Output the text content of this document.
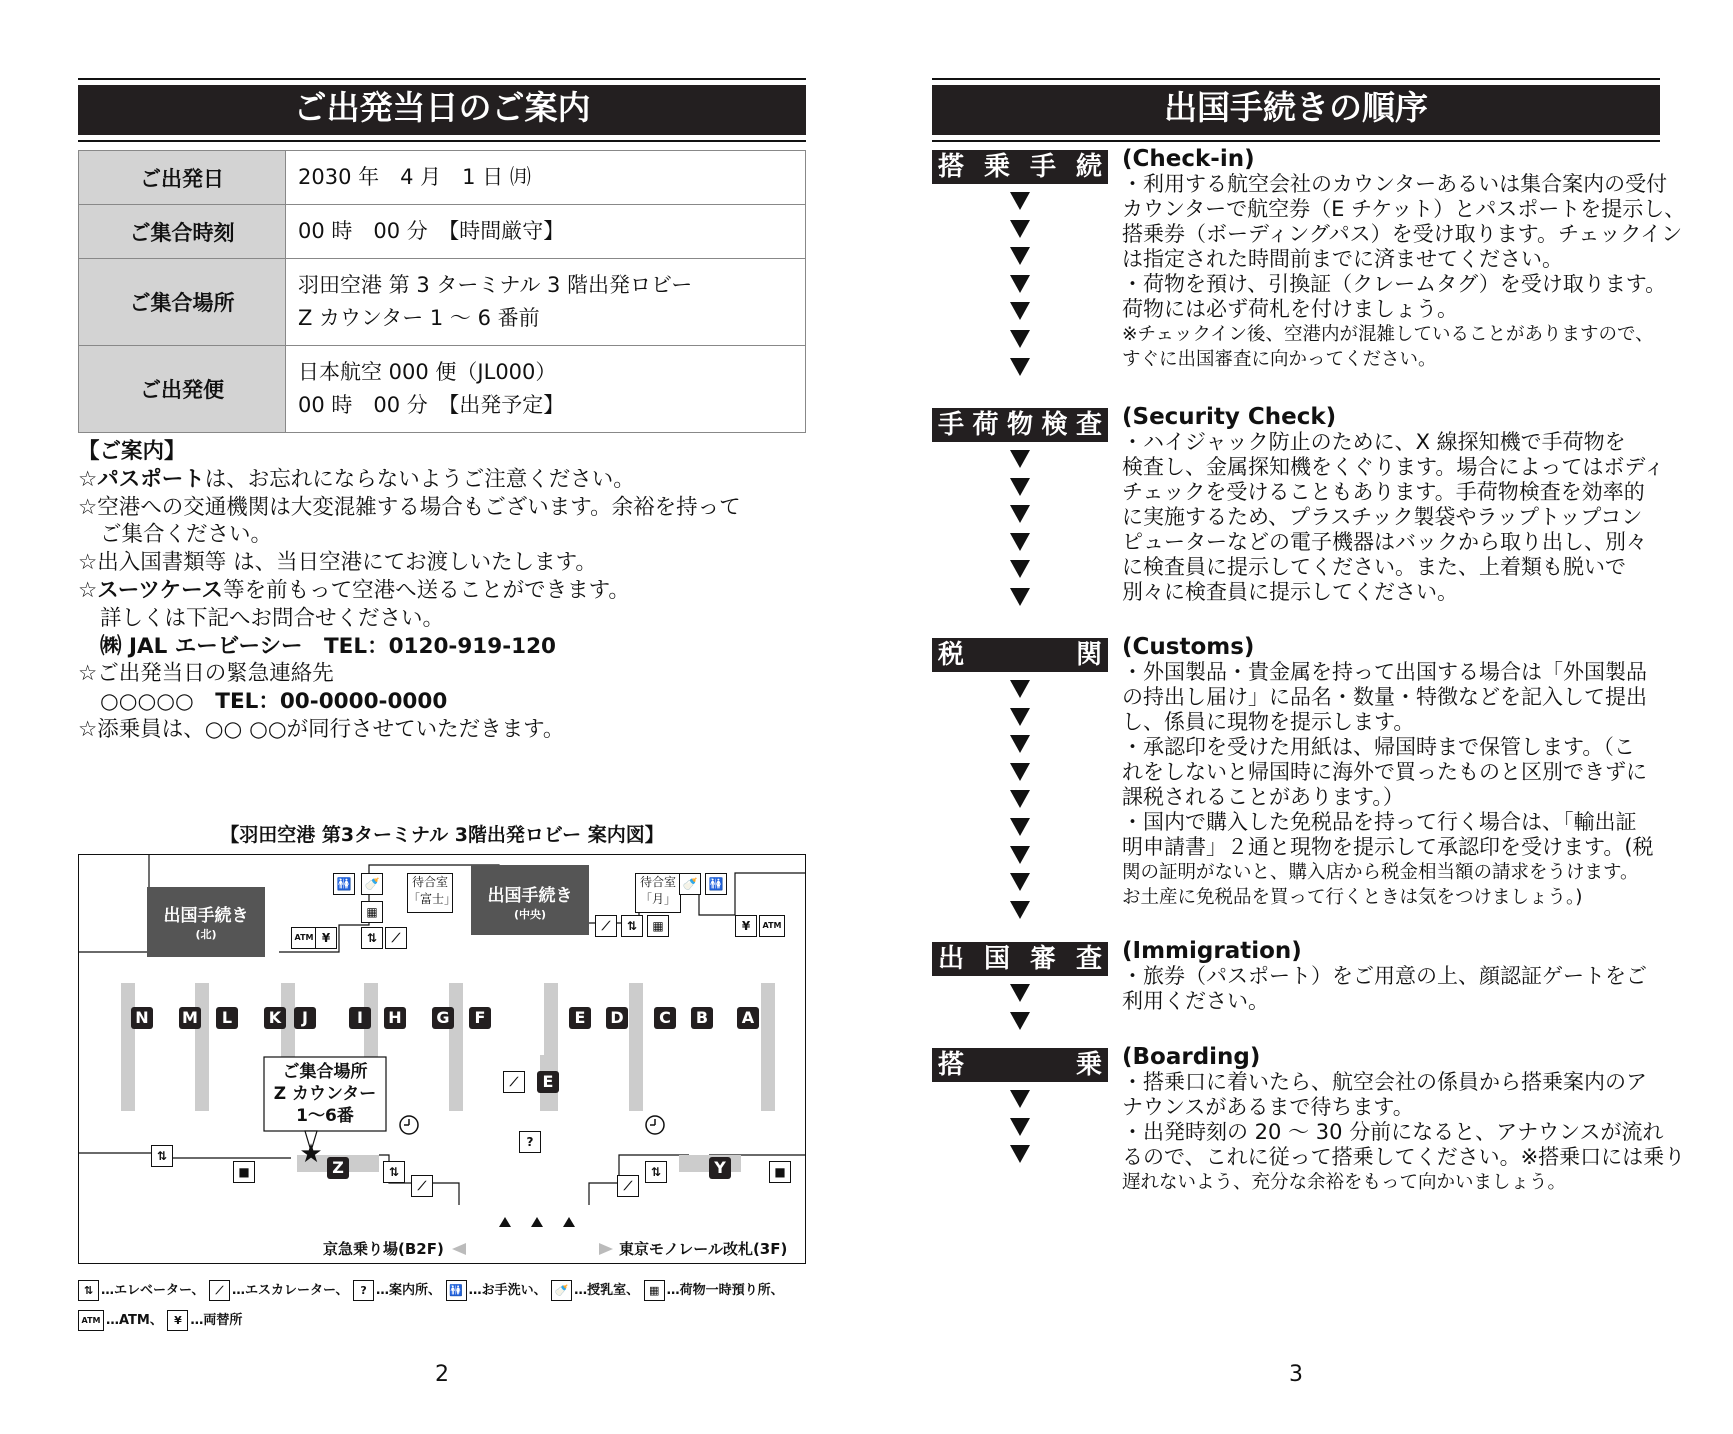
ご出発当日のご案内
ご出発日	2030 年　4 月　1 日 ㈪
ご集合時刻	00 時　00 分　【時間厳守】
ご集合場所	羽田空港 第 3 ターミナル 3 階出発ロビー
Z カウンター 1 ～ 6 番前

ご出発便	日本航空 000 便（JL000）
00 時　00 分　【出発予定】
【ご案内】
☆パスポートは、お忘れにならないようご注意ください。
☆空港への交通機関は大変混雑する場合もございます。余裕を持って
ご集合ください。
☆出入国書類等 は、当日空港にてお渡しいたします。
☆スーツケース等を前もって空港へ送ることができます。
詳しくは下記へお問合せください。
㈱ JAL エービーシー　TEL：0120-919-120
☆ご出発当日の緊急連絡先
○○○○○　TEL：00-0000-0000
☆添乗員は、○○ ○○が同行させていただきます。
【羽田空港 第3ターミナル 3階出発ロビー 案内図】
★
出国手続き
(北)
出国手続き
(中央)
待合室
「富士」
待合室
「月」
N M	L	K	J	I	H G	F	E	D	C	B	A
E
Z	Y
ご集合場所
Z カウンター
1～6番
🚻 🍼
▦
ATM ¥	⇅	⟋
🍼 🚻
⟋	⇅	▦	¥	ATM
⟋
?
⇅
■	⇅
⟋	⟋
⇅	■
京急乗り場(B2F)	東京モノレール改札(3F)
⇅ …エレベーター、 ⟋ …エスカレーター、 ? …案内所、 🚻 …お手洗い、 🍼 …授乳室、 ▦ …荷物一時預り所、
ATM …ATM、 ¥ …両替所
2
出国手続きの順序
搭 乗 手 続 (Check-in)
・利用する航空会社のカウンターあるいは集合案内の受付
カウンターで航空券（E チケット）とパスポートを提示し、
搭乗券（ボーディングパス）を受け取ります。チェックイン
は指定された時間前までに済ませてください。
・荷物を預け、引換証（クレームタグ）を受け取ります。
荷物には必ず荷札を付けましょう。
※チェックイン後、空港内が混雑していることがありますので、
すぐに出国審査に向かってください。
手 荷 物 検 査 (Security Check)
・ハイジャック防止のために、X 線探知機で手荷物を
検査し、金属探知機をくぐります。場合によってはボディ
チェックを受けることもあります。手荷物検査を効率的
に実施するため、プラスチック製袋やラップトップコン
ピューターなどの電子機器はバックから取り出し、別々
に検査員に提示してください。また、上着類も脱いで
別々に検査員に提示してください。
税	関 (Customs)
・外国製品・貴金属を持って出国する場合は「外国製品
の持出し届け」に品名・数量・特徴などを記入して提出
し、係員に現物を提示します。
・承認印を受けた用紙は、帰国時まで保管します。（こ
れをしないと帰国時に海外で買ったものと区別できずに
課税されることがあります。）
・国内で購入した免税品を持って行く場合は、「輸出証
明申請書」２通と現物を提示して承認印を受けます。(税
関の証明がないと、購入店から税金相当額の請求をうけます。
お土産に免税品を買って行くときは気をつけましょう。)
出 国 審 査 (Immigration)
・旅券（パスポート）をご用意の上、顔認証ゲートをご
利用ください。
搭	乗 (Boarding)
・搭乗口に着いたら、航空会社の係員から搭乗案内のア
ナウンスがあるまで待ちます。
・出発時刻の 20 ～ 30 分前になると、アナウンスが流れ
るので、これに従って搭乗してください。※搭乗口には乗り
遅れないよう、充分な余裕をもって向かいましょう。
3
